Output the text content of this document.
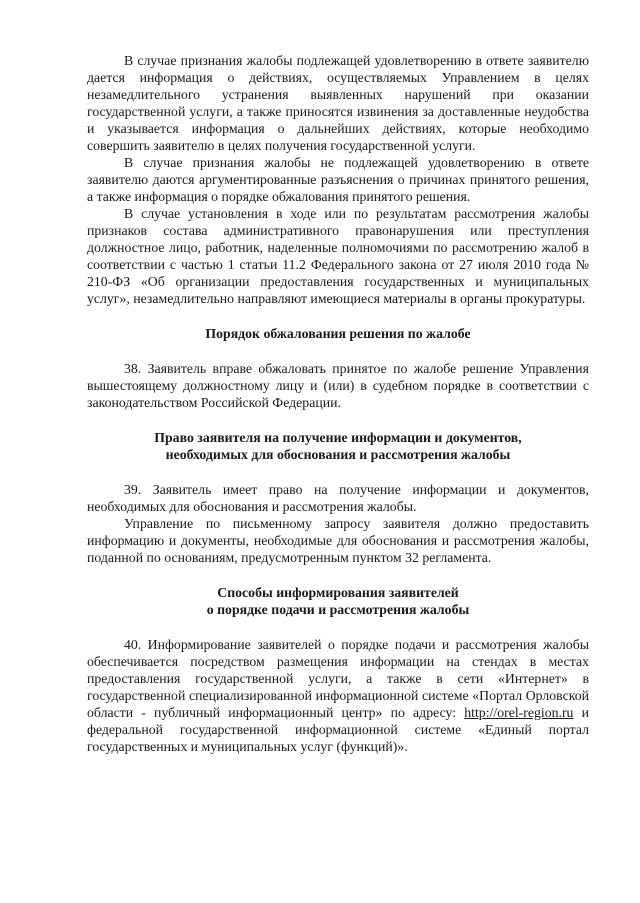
В случае признания жалобы подлежащей удовлетворению в ответе заявителю дается информация о действиях, осуществляемых Управлением в целях незамедлительного устранения выявленных нарушений при оказании государственной услуги, а также приносятся извинения за доставленные неудобства и указывается информация о дальнейших действиях, которые необходимо совершить заявителю в целях получения государственной услуги.

В случае признания жалобы не подлежащей удовлетворению в ответе заявителю даются аргументированные разъяснения о причинах принятого решения, а также информация о порядке обжалования принятого решения.

В случае установления в ходе или по результатам рассмотрения жалобы признаков состава административного правонарушения или преступления должностное лицо, работник, наделенные полномочиями по рассмотрению жалоб в соответствии с частью 1 статьи 11.2 Федерального закона от 27 июля 2010 года № 210-ФЗ «Об организации предоставления государственных и муниципальных услуг», незамедлительно направляют имеющиеся материалы в органы прокуратуры.

Порядок обжалования решения по жалобе

38. Заявитель вправе обжаловать принятое по жалобе решение Управления вышестоящему должностному лицу и (или) в судебном порядке в соответствии с законодательством Российской Федерации.

Право заявителя на получение информации и документов,

необходимых для обоснования и рассмотрения жалобы

39. Заявитель имеет право на получение информации и документов, необходимых для обоснования и рассмотрения жалобы.

Управление по письменному запросу заявителя должно предоставить информацию и документы, необходимые для обоснования и рассмотрения жалобы, поданной по основаниям, предусмотренным пунктом 32 регламента.

Способы информирования заявителей

о порядке подачи и рассмотрения жалобы

40. Информирование заявителей о порядке подачи и рассмотрения жалобы обеспечивается посредством размещения информации на стендах в местах предоставления государственной услуги, а также в сети «Интернет» в государственной специализированной информационной системе «Портал Орловской области - публичный информационный центр» по адресу: http://orel-region.ru и федеральной государственной информационной системе «Единый портал государственных и муниципальных услуг (функций)».
